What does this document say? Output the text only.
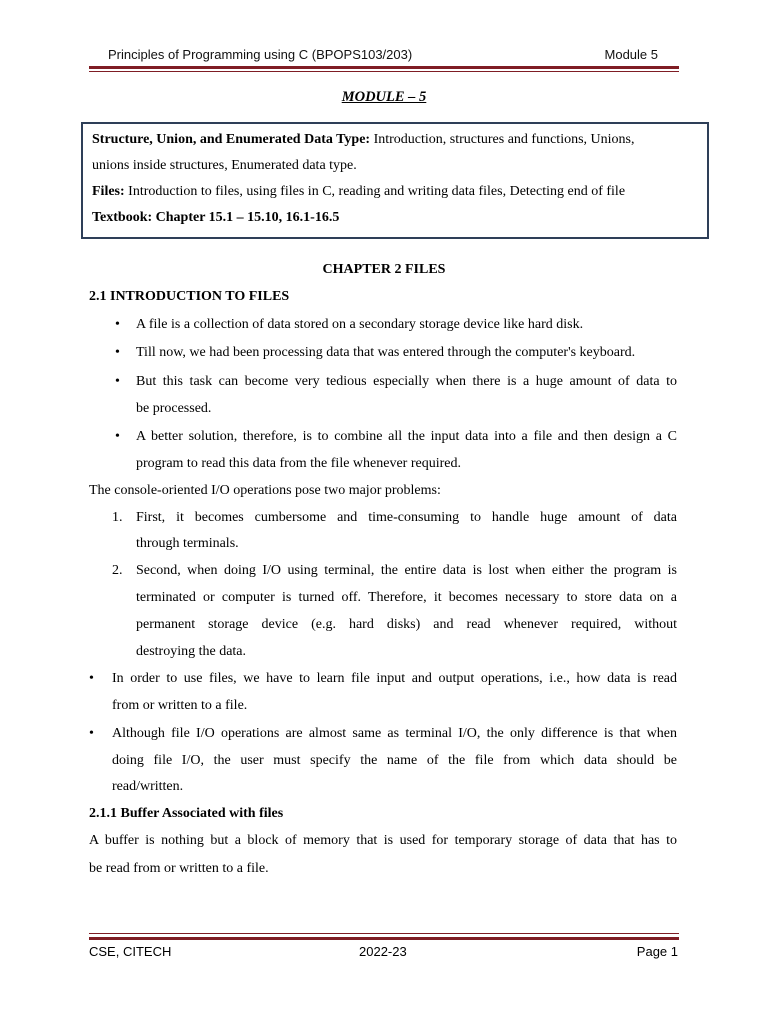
Principles of Programming using C (BPOPS103/203)	Module 5
MODULE – 5
Structure, Union, and Enumerated Data Type: Introduction, structures and functions, Unions,
unions inside structures, Enumerated data type.
Files: Introduction to files, using files in C, reading and writing data files, Detecting end of file
Textbook: Chapter 15.1 – 15.10, 16.1-16.5
CHAPTER 2 FILES
2.1 INTRODUCTION TO FILES
• A file is a collection of data stored on a secondary storage device like hard disk.
• Till now, we had been processing data that was entered through the computer's keyboard.
• But this task can become very tedious especially when there is a huge amount of data to
be processed.
• A better solution, therefore, is to combine all the input data into a file and then design a C
program to read this data from the file whenever required.
The console-oriented I/O operations pose two major problems:
1. First, it becomes cumbersome and time-consuming to handle huge amount of data
through terminals.
2. Second, when doing I/O using terminal, the entire data is lost when either the program is
terminated or computer is turned off. Therefore, it becomes necessary to store data on a
permanent storage device (e.g. hard disks) and read whenever required, without
destroying the data.
• In order to use files, we have to learn file input and output operations, i.e., how data is read
from or written to a file.
• Although file I/O operations are almost same as terminal I/O, the only difference is that when
doing file I/O, the user must specify the name of the file from which data should be
read/written.
2.1.1 Buffer Associated with files
A buffer is nothing but a block of memory that is used for temporary storage of data that has to
be read from or written to a file.
CSE, CITECH	2022-23	Page 1
